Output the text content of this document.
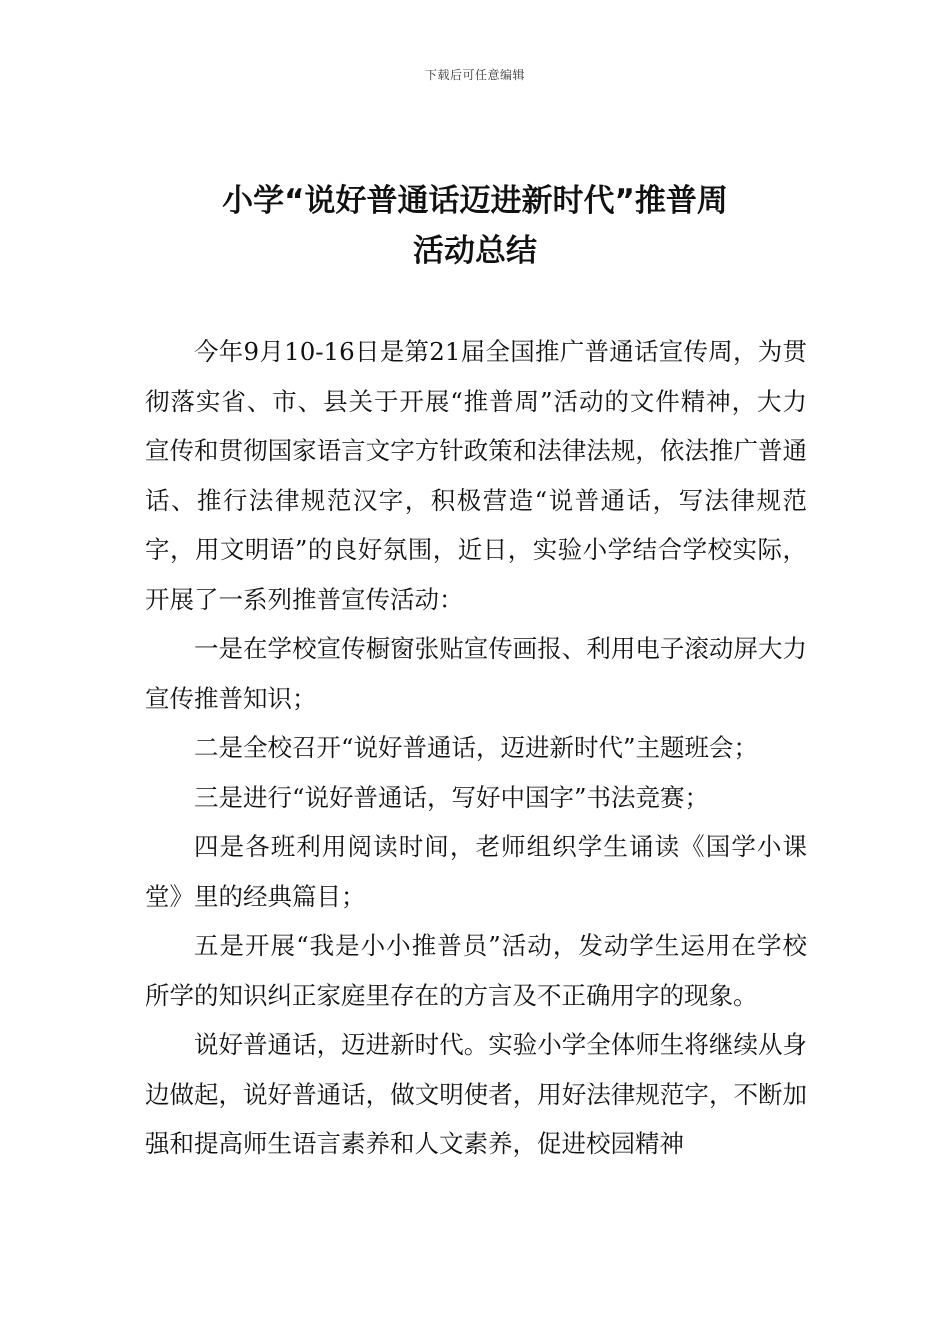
下载后可任意编辑
小学“说好普通话迈进新时代”推普周
活动总结

今年9月10-16日是第21届全国推广普通话宣传周，为贯彻落实省、市、县关于开展“推普周”活动的文件精神，大力宣传和贯彻国家语言文字方针政策和法律法规，依法推广普通话、推行法律规范汉字，积极营造“说普通话，写法律规范字，用文明语”的良好氛围，近日，实验小学结合学校实际，开展了一系列推普宣传活动：

一是在学校宣传橱窗张贴宣传画报、利用电子滚动屏大力宣传推普知识；

二是全校召开“说好普通话，迈进新时代”主题班会；

三是进行“说好普通话，写好中国字”书法竞赛；

四是各班利用阅读时间，老师组织学生诵读《国学小课堂》里的经典篇目；

五是开展“我是小小推普员”活动，发动学生运用在学校所学的知识纠正家庭里存在的方言及不正确用字的现象。

说好普通话，迈进新时代。实验小学全体师生将继续从身边做起，说好普通话，做文明使者，用好法律规范字，不断加强和提高师生语言素养和人文素养，促进校园精神
